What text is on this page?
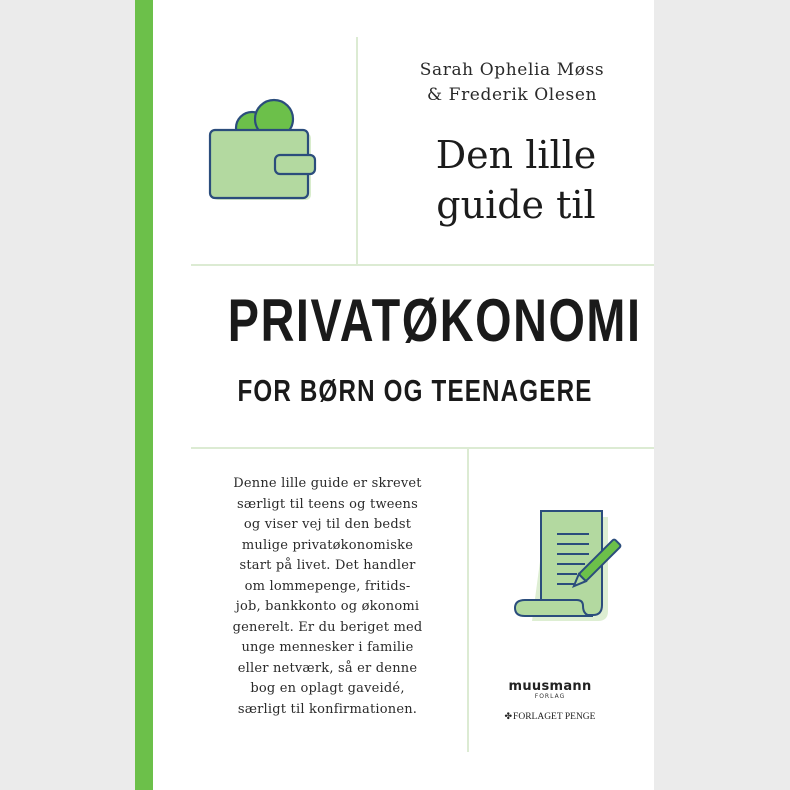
Sarah Ophelia Møss
& Frederik Olesen
Den lille
guide til
PRIVATØKONOMI
FOR BØRN OG TEENAGERE
Denne lille guide er skrevet
særligt til teens og tweens
og viser vej til den bedst
mulige privatøkonomiske
start på livet. Det handler
om lommepenge, fritids-
job, bankkonto og økonomi
generelt. Er du beriget med
unge mennesker i familie
eller netværk, så er denne
bog en oplagt gaveidé,
særligt til konfirmationen.
muusmann
FORLAG
✤FORLAGET PENGE
